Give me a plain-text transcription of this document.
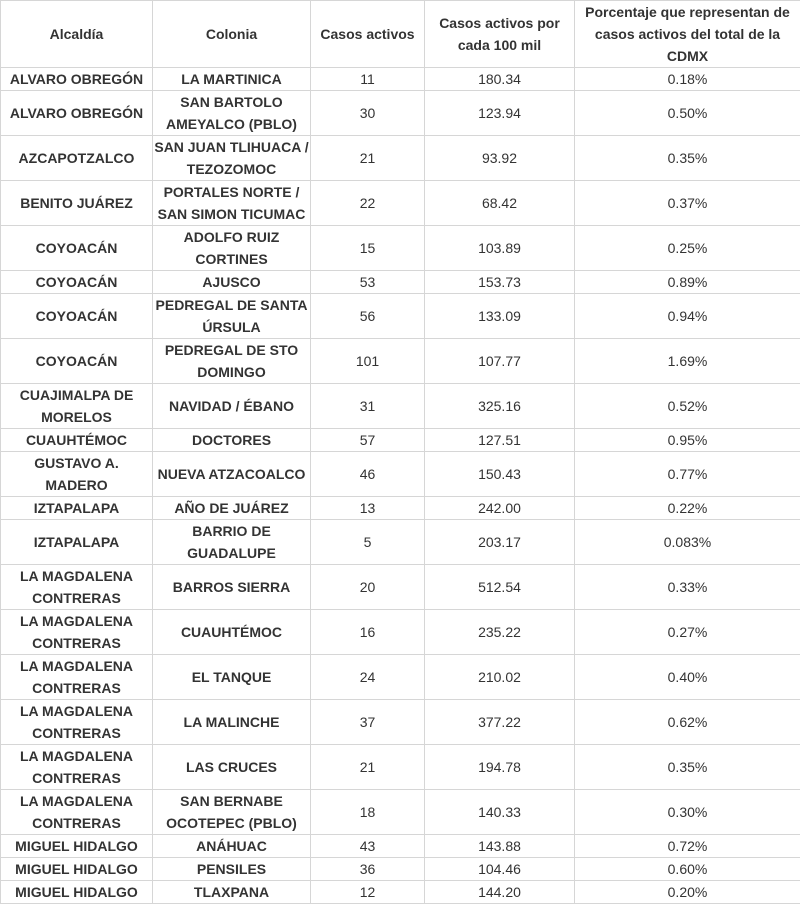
Alcaldía	Colonia	Casos activos	Casos activos por cada 100 mil	Porcentaje que representan de casos activos del total de la CDMX
ALVARO OBREGÓN	LA MARTINICA	11	180.34	0.18%
ALVARO OBREGÓN	SAN BARTOLO AMEYALCO (PBLO)	30	123.94	0.50%
AZCAPOTZALCO	SAN JUAN TLIHUACA / TEZOZOMOC	21	93.92	0.35%
BENITO JUÁREZ	PORTALES NORTE / SAN SIMON TICUMAC	22	68.42	0.37%
COYOACÁN	ADOLFO RUIZ CORTINES	15	103.89	0.25%
COYOACÁN	AJUSCO	53	153.73	0.89%
COYOACÁN	PEDREGAL DE SANTA ÚRSULA	56	133.09	0.94%
COYOACÁN	PEDREGAL DE STO DOMINGO	101	107.77	1.69%
CUAJIMALPA DE MORELOS	NAVIDAD / ÉBANO	31	325.16	0.52%
CUAUHTÉMOC	DOCTORES	57	127.51	0.95%
GUSTAVO A. MADERO	NUEVA ATZACOALCO	46	150.43	0.77%
IZTAPALAPA	AÑO DE JUÁREZ	13	242.00	0.22%
IZTAPALAPA	BARRIO DE GUADALUPE	5	203.17	0.083%
LA MAGDALENA CONTRERAS	BARROS SIERRA	20	512.54	0.33%
LA MAGDALENA CONTRERAS	CUAUHTÉMOC	16	235.22	0.27%
LA MAGDALENA CONTRERAS	EL TANQUE	24	210.02	0.40%
LA MAGDALENA CONTRERAS	LA MALINCHE	37	377.22	0.62%
LA MAGDALENA CONTRERAS	LAS CRUCES	21	194.78	0.35%
LA MAGDALENA CONTRERAS	SAN BERNABE OCOTEPEC (PBLO)	18	140.33	0.30%
MIGUEL HIDALGO	ANÁHUAC	43	143.88	0.72%
MIGUEL HIDALGO	PENSILES	36	104.46	0.60%
MIGUEL HIDALGO	TLAXPANA	12	144.20	0.20%
